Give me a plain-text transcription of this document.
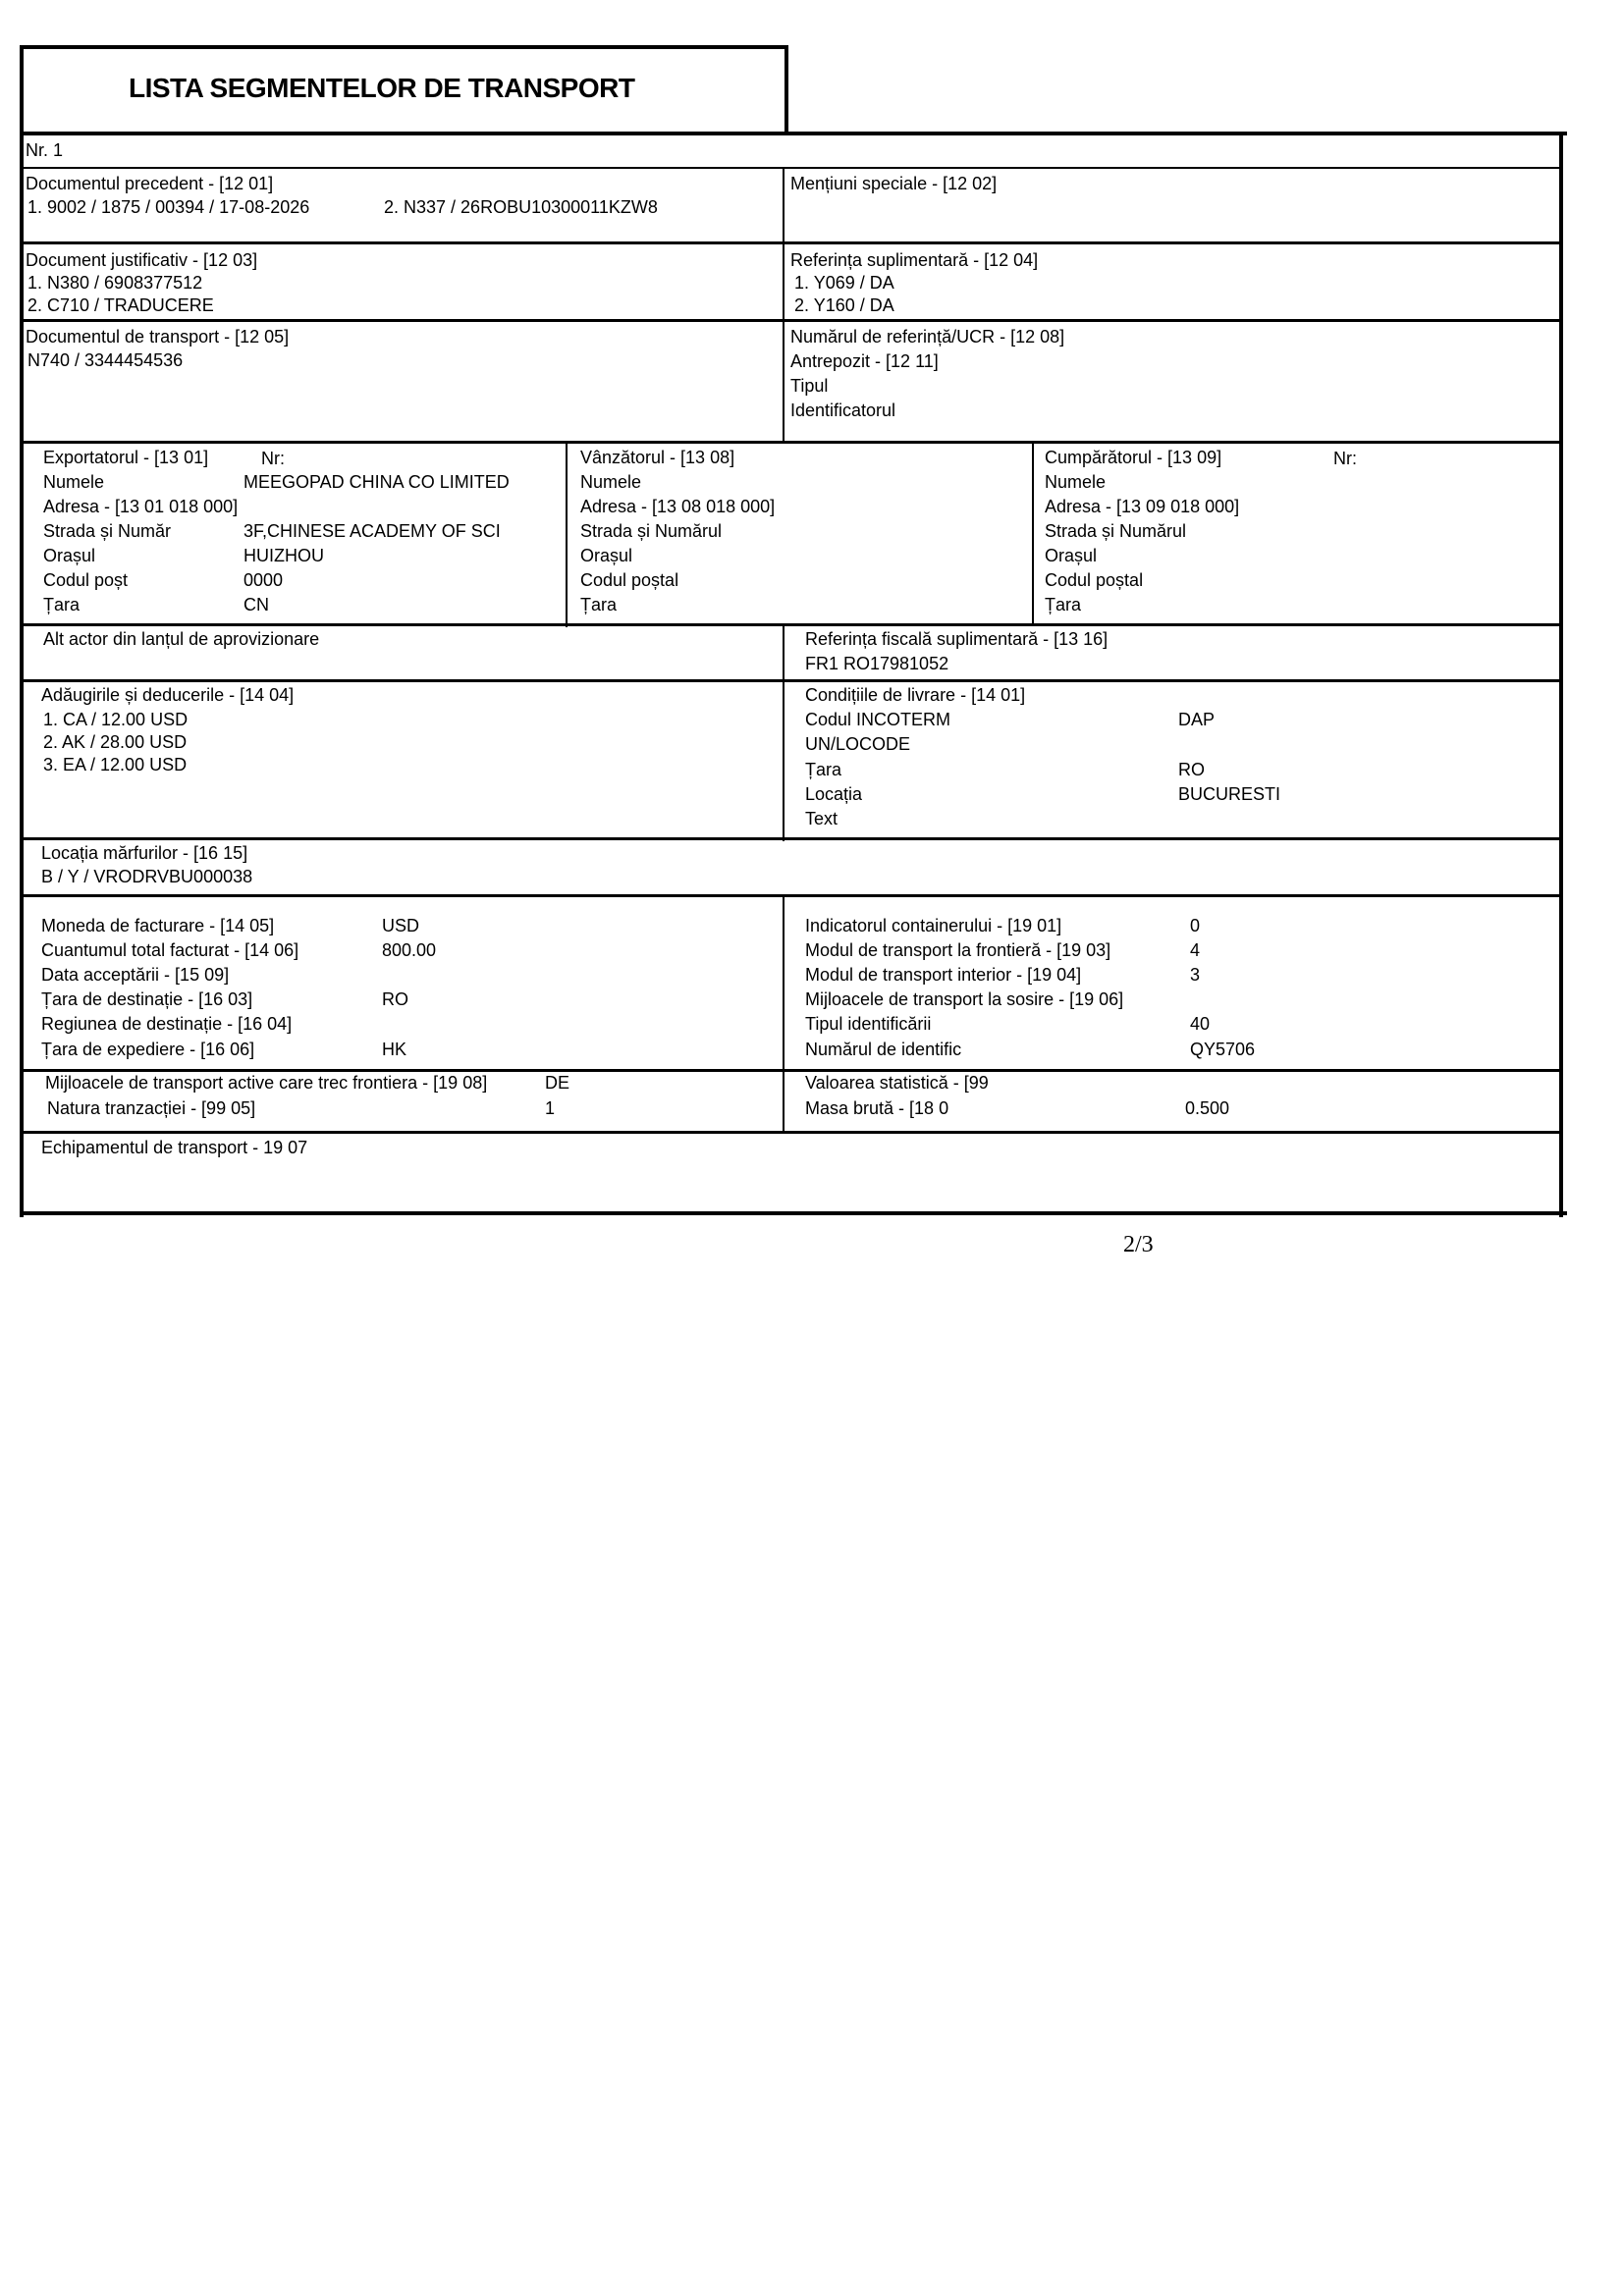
LISTA SEGMENTELOR DE TRANSPORT
Nr. 1
Documentul precedent - [12 01]
1. 9002 / 1875 / 00394 / 17-08-2026	2. N337 / 26ROBU10300011KZW8
Mențiuni speciale - [12 02]
Document justificativ - [12 03]
1. N380 / 6908377512
2. C710 / TRADUCERE
Referința suplimentară - [12 04]
1. Y069 / DA
2. Y160 / DA
Documentul de transport - [12 05]
N740 / 3344454536
Numărul de referință/UCR - [12 08]
Antrepozit - [12 11]
Tipul
Identificatorul
Exportatorul - [13 01]	Nr:
Numele	MEEGOPAD CHINA CO LIMITED
Adresa - [13 01 018 000]
Strada și Număr	3F,CHINESE ACADEMY OF SCI
Orașul	HUIZHOU
Codul poșt	0000
Țara	CN
Vânzătorul - [13 08]
Numele
Adresa - [13 08 018 000]
Strada și Numărul
Orașul
Codul poștal
Țara
Cumpărătorul - [13 09]	Nr:
Numele
Adresa - [13 09 018 000]
Strada și Numărul
Orașul
Codul poștal
Țara
Alt actor din lanțul de aprovizionare	Referința fiscală suplimentară - [13 16]
FR1 RO17981052
Adăugirile și deducerile - [14 04]
1. CA / 12.00 USD
2. AK / 28.00 USD
3. EA / 12.00 USD
Condițiile de livrare - [14 01]
Codul INCOTERM	DAP
UN/LOCODE
Țara	RO
Locația	BUCURESTI
Text
Locația mărfurilor - [16 15]
B / Y / VRODRVBU000038
Moneda de facturare - [14 05]	USD
Cuantumul total facturat - [14 06]	800.00
Data acceptării - [15 09]
Țara de destinație - [16 03]	RO
Regiunea de destinație - [16 04]
Țara de expediere - [16 06]	HK
Indicatorul containerului - [19 01]	0
Modul de transport la frontieră - [19 03]	4
Modul de transport interior - [19 04]	3
Mijloacele de transport la sosire - [19 06]
Tipul identificării	40
Numărul de identific	QY5706
Mijloacele de transport active care trec frontiera - [19 08]	DE
Natura tranzacției - [99 05]	1
Valoarea statistică - [99
Masa brută - [18 0	0.500
Echipamentul de transport - 19 07
2/3
